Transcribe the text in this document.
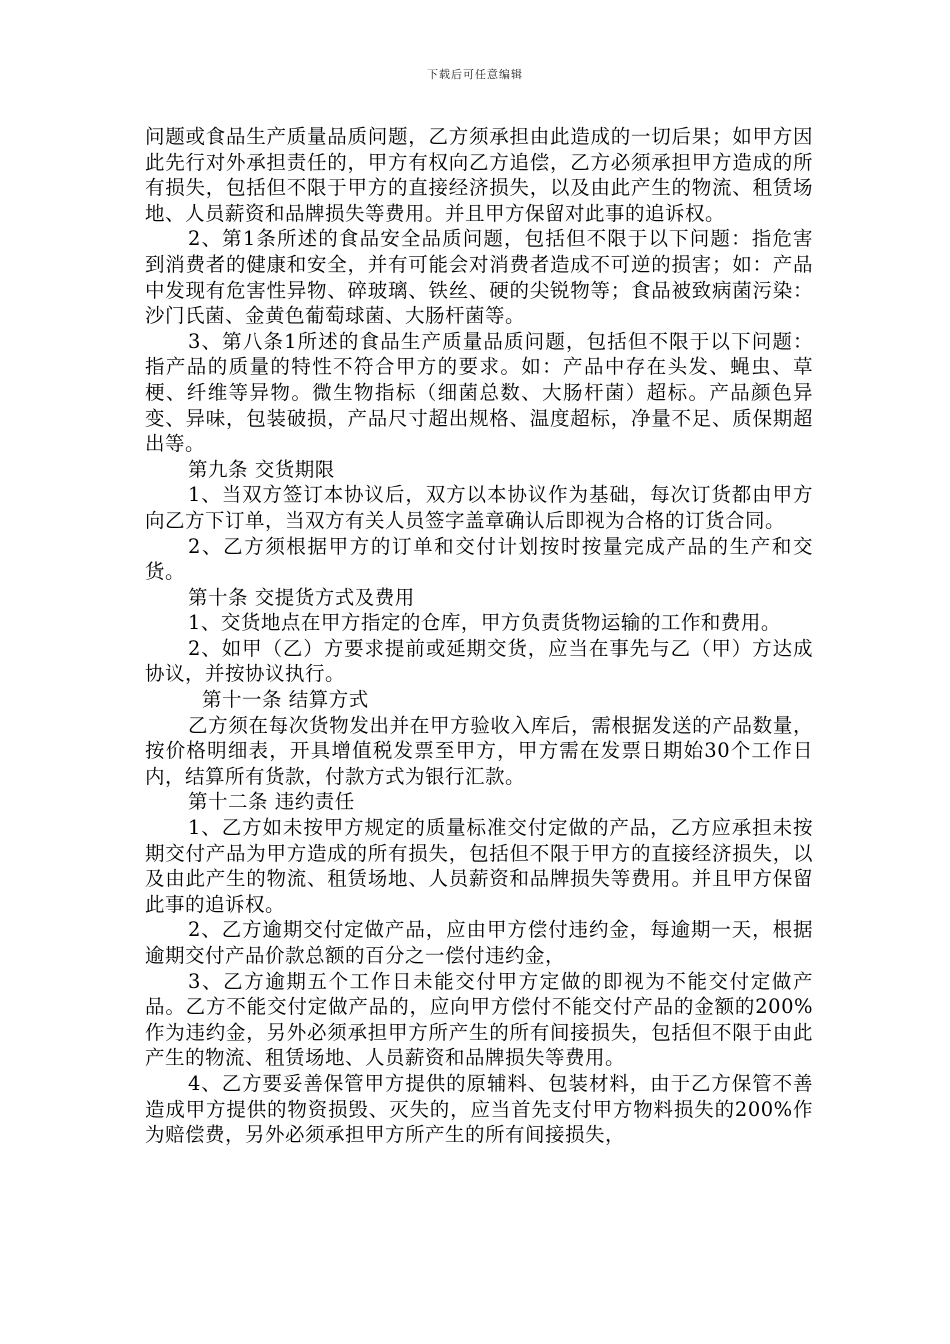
下载后可任意编辑

问题或食品生产质量品质问题，乙方须承担由此造成的一切后果；如甲方因此先行对外承担责任的，甲方有权向乙方追偿，乙方必须承担甲方造成的所有损失，包括但不限于甲方的直接经济损失，以及由此产生的物流、租赁场地、人员薪资和品牌损失等费用。并且甲方保留对此事的追诉权。

2、第1条所述的食品安全品质问题，包括但不限于以下问题：指危害到消费者的健康和安全，并有可能会对消费者造成不可逆的损害；如：产品中发现有危害性异物、碎玻璃、铁丝、硬的尖锐物等；食品被致病菌污染：沙门氏菌、金黄色葡萄球菌、大肠杆菌等。

3、第八条1所述的食品生产质量品质问题，包括但不限于以下问题：指产品的质量的特性不符合甲方的要求。如：产品中存在头发、蝇虫、草梗、纤维等异物。微生物指标（细菌总数、大肠杆菌）超标。产品颜色异变、异味，包装破损，产品尺寸超出规格、温度超标，净量不足、质保期超出等。

第九条 交货期限

1、当双方签订本协议后，双方以本协议作为基础，每次订货都由甲方向乙方下订单，当双方有关人员签字盖章确认后即视为合格的订货合同。

2、乙方须根据甲方的订单和交付计划按时按量完成产品的生产和交货。

第十条 交提货方式及费用

1、交货地点在甲方指定的仓库，甲方负责货物运输的工作和费用。

2、如甲（乙）方要求提前或延期交货，应当在事先与乙（甲）方达成协议，并按协议执行。

第十一条 结算方式

乙方须在每次货物发出并在甲方验收入库后，需根据发送的产品数量，按价格明细表，开具增值税发票至甲方，甲方需在发票日期始30个工作日内，结算所有货款，付款方式为银行汇款。

第十二条 违约责任

1、乙方如未按甲方规定的质量标准交付定做的产品，乙方应承担未按期交付产品为甲方造成的所有损失，包括但不限于甲方的直接经济损失，以及由此产生的物流、租赁场地、人员薪资和品牌损失等费用。并且甲方保留此事的追诉权。

2、乙方逾期交付定做产品，应由甲方偿付违约金，每逾期一天，根据逾期交付产品价款总额的百分之一偿付违约金，

3、乙方逾期五个工作日未能交付甲方定做的即视为不能交付定做产品。乙方不能交付定做产品的，应向甲方偿付不能交付产品的金额的200%作为违约金，另外必须承担甲方所产生的所有间接损失，包括但不限于由此产生的物流、租赁场地、人员薪资和品牌损失等费用。

4、乙方要妥善保管甲方提供的原辅料、包装材料，由于乙方保管不善造成甲方提供的物资损毁、灭失的，应当首先支付甲方物料损失的200%作为赔偿费，另外必须承担甲方所产生的所有间接损失，
